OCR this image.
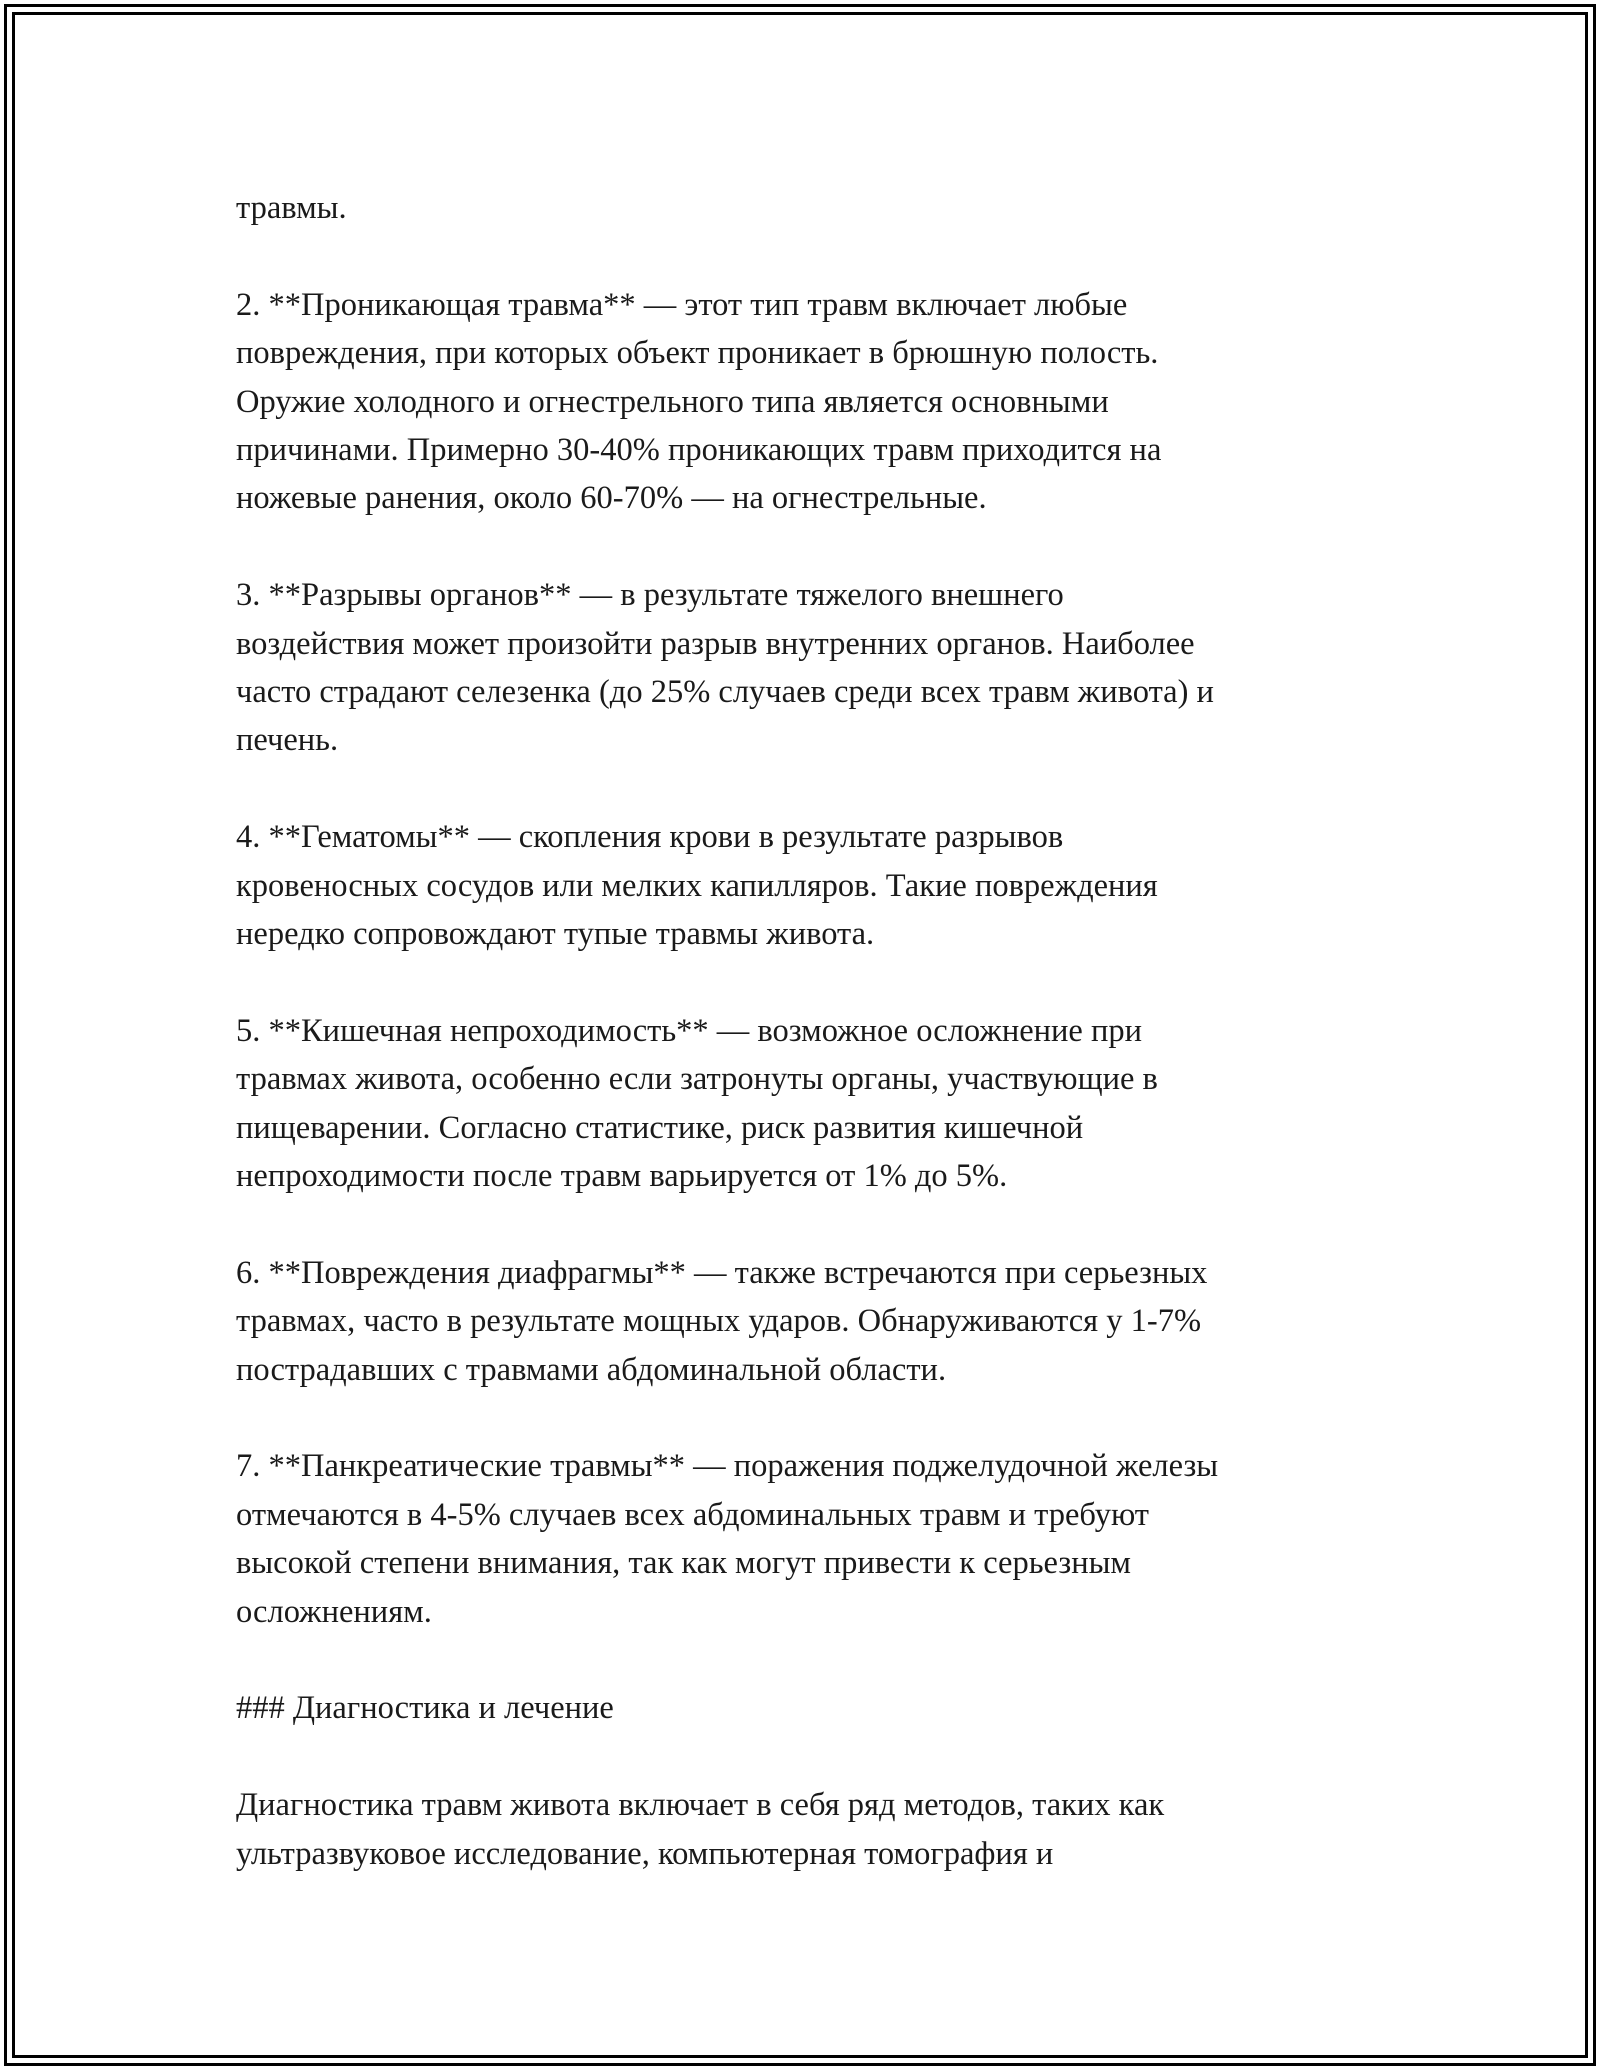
травмы.

2. **Проникающая травма** — этот тип травм включает любые
повреждения, при которых объект проникает в брюшную полость.
Оружие холодного и огнестрельного типа является основными
причинами. Примерно 30-40% проникающих травм приходится на
ножевые ранения, около 60-70% — на огнестрельные.

3. **Разрывы органов** — в результате тяжелого внешнего
воздействия может произойти разрыв внутренних органов. Наиболее
часто страдают селезенка (до 25% случаев среди всех травм живота) и
печень.

4. **Гематомы** — скопления крови в результате разрывов
кровеносных сосудов или мелких капилляров. Такие повреждения
нередко сопровождают тупые травмы живота.

5. **Кишечная непроходимость** — возможное осложнение при
травмах живота, особенно если затронуты органы, участвующие в
пищеварении. Согласно статистике, риск развития кишечной
непроходимости после травм варьируется от 1% до 5%.

6. **Повреждения диафрагмы** — также встречаются при серьезных
травмах, часто в результате мощных ударов. Обнаруживаются у 1-7%
пострадавших с травмами абдоминальной области.

7. **Панкреатические травмы** — поражения поджелудочной железы
отмечаются в 4-5% случаев всех абдоминальных травм и требуют
высокой степени внимания, так как могут привести к серьезным
осложнениям.

### Диагностика и лечение

Диагностика травм живота включает в себя ряд методов, таких как
ультразвуковое исследование, компьютерная томография и
